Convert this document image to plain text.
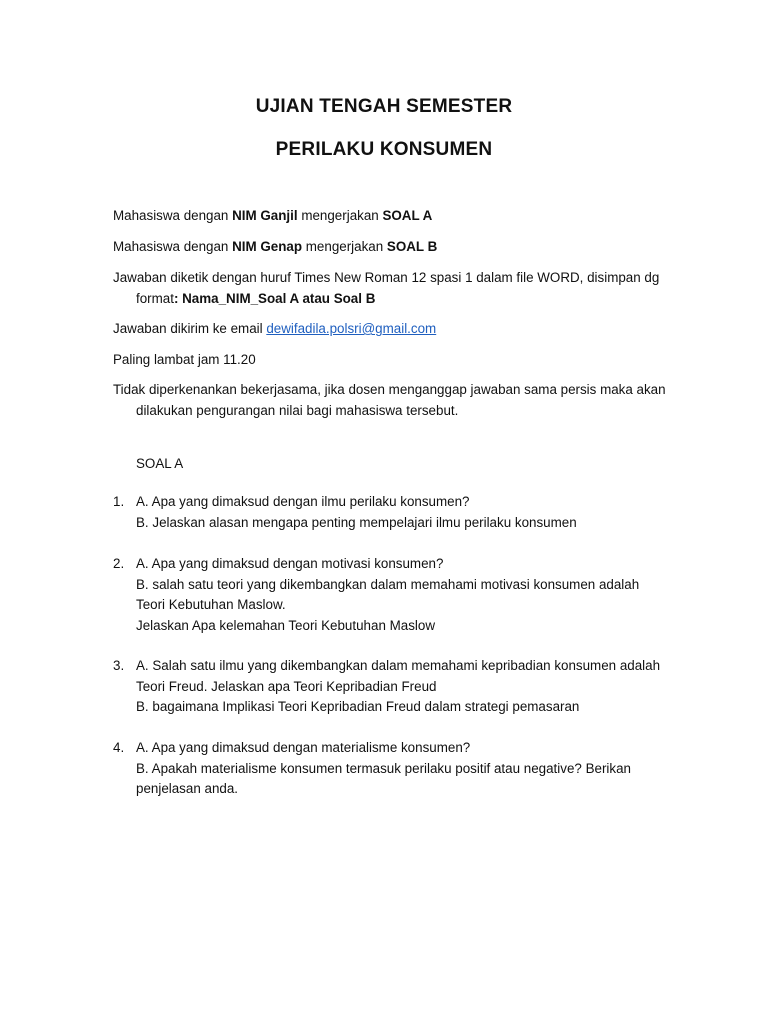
UJIAN TENGAH SEMESTER
PERILAKU KONSUMEN
Mahasiswa dengan NIM Ganjil mengerjakan SOAL A
Mahasiswa dengan NIM Genap mengerjakan SOAL B
Jawaban diketik dengan huruf Times New Roman 12 spasi 1 dalam file WORD, disimpan dg
format: Nama_NIM_Soal A atau Soal B
Jawaban dikirim ke email dewifadila.polsri@gmail.com
Paling lambat jam 11.20
Tidak diperkenankan bekerjasama, jika dosen menganggap jawaban sama persis maka akan
dilakukan pengurangan nilai bagi mahasiswa tersebut.
SOAL A
1. A. Apa yang dimaksud dengan ilmu perilaku konsumen?
B. Jelaskan alasan mengapa penting mempelajari ilmu perilaku konsumen
2. A. Apa yang dimaksud dengan motivasi konsumen?
B. salah satu teori yang dikembangkan dalam memahami motivasi konsumen adalah
Teori Kebutuhan Maslow.
Jelaskan Apa kelemahan Teori Kebutuhan Maslow
3. A. Salah satu ilmu yang dikembangkan dalam memahami kepribadian konsumen adalah
Teori Freud. Jelaskan apa Teori Kepribadian Freud
B. bagaimana Implikasi Teori Kepribadian Freud dalam strategi pemasaran
4. A. Apa yang dimaksud dengan materialisme konsumen?
B. Apakah materialisme konsumen termasuk perilaku positif atau negative? Berikan
penjelasan anda.
